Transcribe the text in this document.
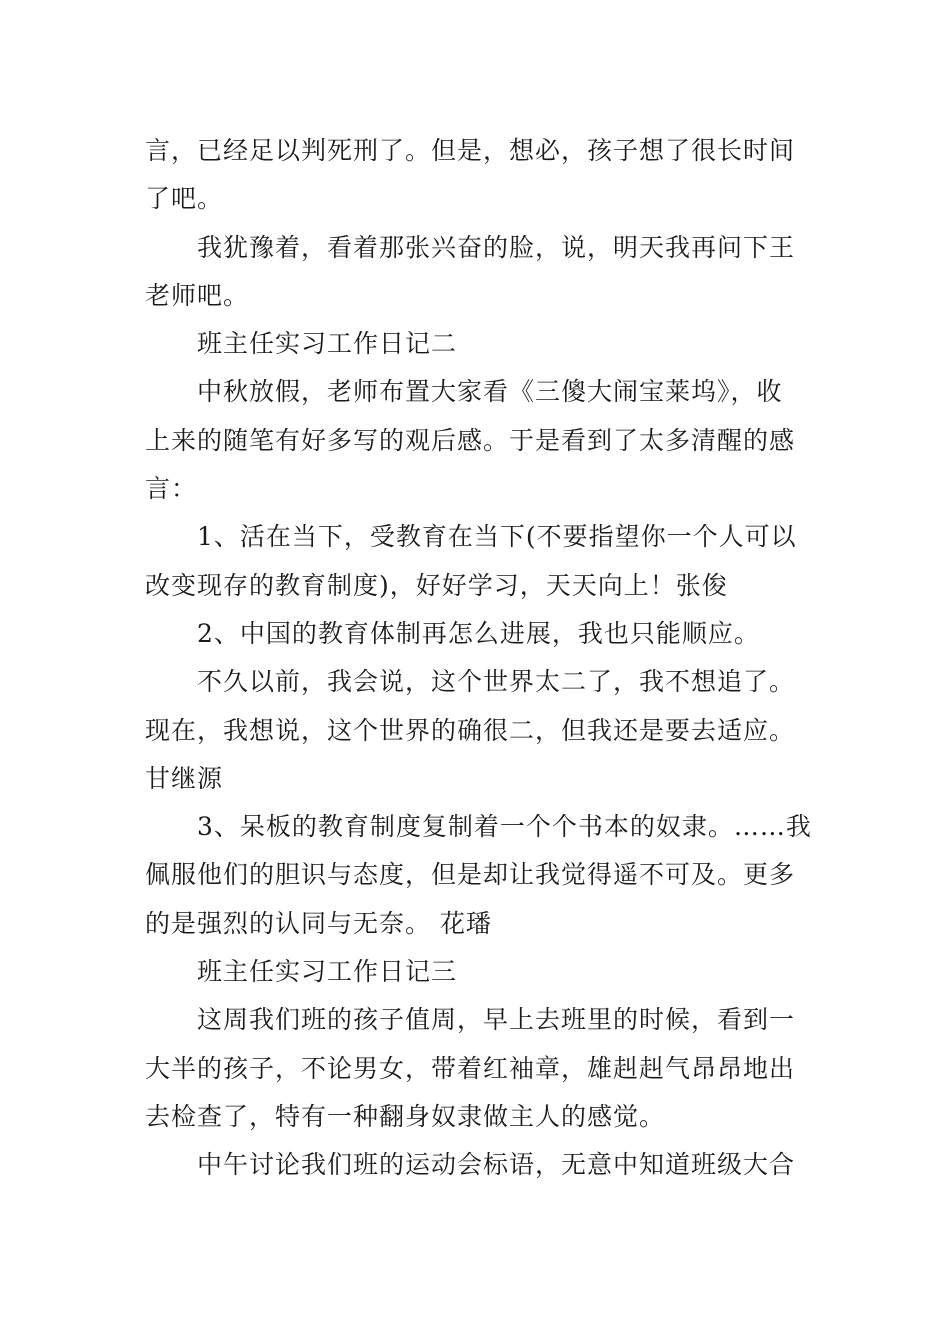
言，已经足以判死刑了。但是，想必，孩子想了很长时间
了吧。
我犹豫着，看着那张兴奋的脸，说，明天我再问下王
老师吧。
班主任实习工作日记二
中秋放假，老师布置大家看《三傻大闹宝莱坞》，收
上来的随笔有好多写的观后感。于是看到了太多清醒的感
言：
1、活在当下，受教育在当下(不要指望你一个人可以
改变现存的教育制度)，好好学习，天天向上！张俊
2、中国的教育体制再怎么进展，我也只能顺应。
不久以前，我会说，这个世界太二了，我不想追了。
现在，我想说，这个世界的确很二，但我还是要去适应。
甘继源
3、呆板的教育制度复制着一个个书本的奴隶。……我
佩服他们的胆识与态度，但是却让我觉得遥不可及。更多
的是强烈的认同与无奈。 花璠
班主任实习工作日记三
这周我们班的孩子值周，早上去班里的时候，看到一
大半的孩子，不论男女，带着红袖章，雄赳赳气昂昂地出
去检查了，特有一种翻身奴隶做主人的感觉。
中午讨论我们班的运动会标语，无意中知道班级大合
